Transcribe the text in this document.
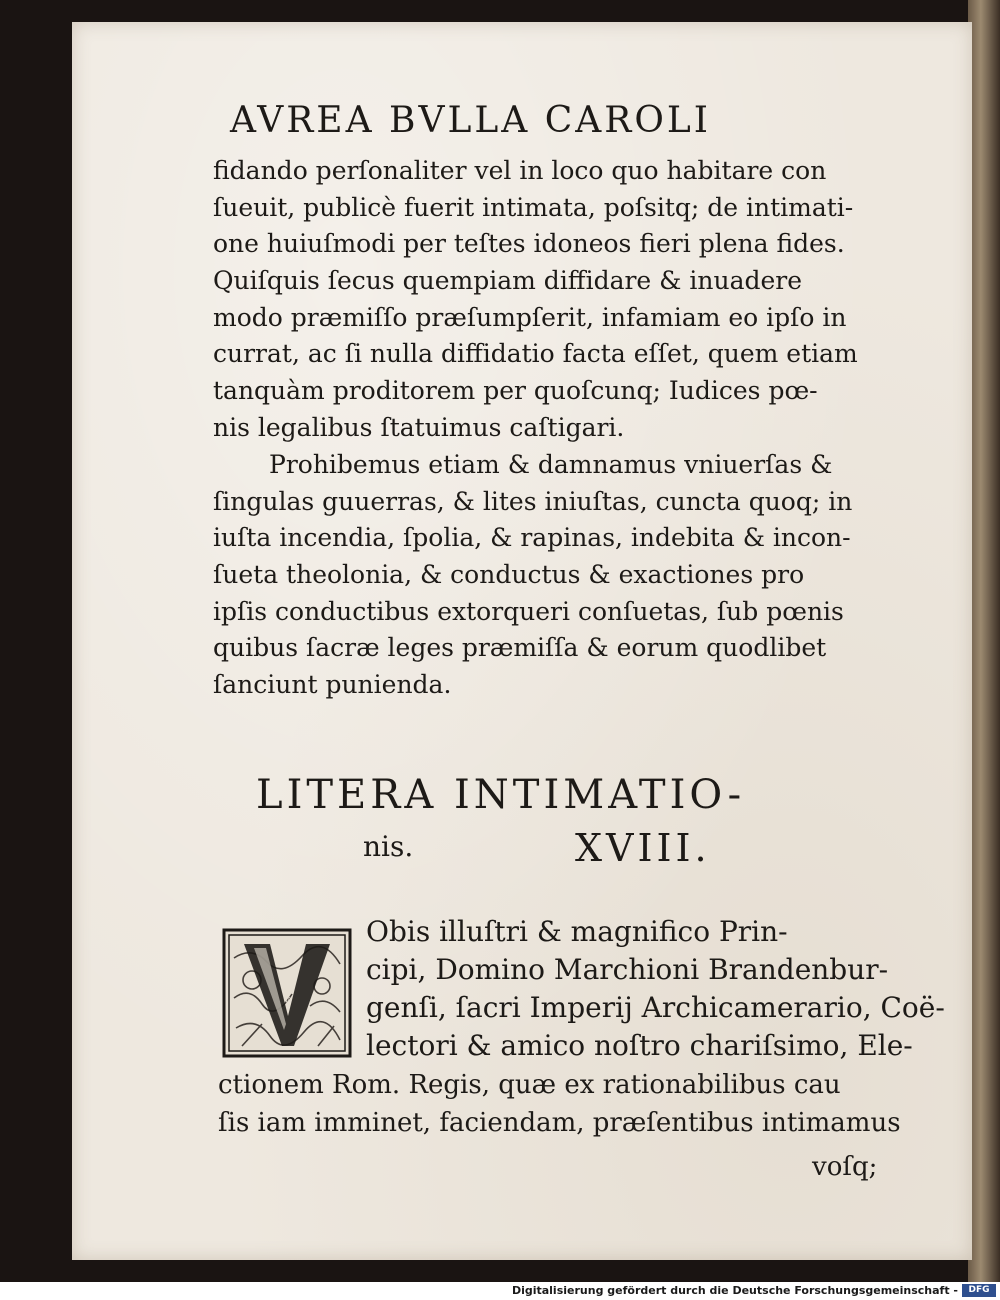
AVREA BVLLA CAROLI
fidando perſonaliter vel in loco quo habitare con
ſueuit, publicè fuerit intimata, poſsitq; de intimati-
one huiuſmodi per teſtes idoneos fieri plena fides.
Quiſquis ſecus quempiam diffidare & inuadere
modo præmiſſo præſumpſerit, infamiam eo ipſo in
currat, ac ſi nulla diffidatio facta eſſet, quem etiam
tanquàm proditorem per quoſcunq; Iudices pœ-
nis legalibus ſtatuimus caſtigari.
Prohibemus etiam & damnamus vniuerſas &
ſingulas guuerras, & lites iniuſtas, cuncta quoq; in
iuſta incendia, ſpolia, & rapinas, indebita & incon-
ſueta theolonia, & conductus & exactiones pro
ipſis conductibus extorqueri conſuetas, ſub pœnis
quibus ſacræ leges præmiſſa & eorum quodlibet
ſanciunt punienda.
LITERA INTIMATIO-
nis.	XVIII.
V
Obis illuſtri & magnifico Prin-
cipi, Domino Marchioni Brandenbur-
genſi, ſacri Imperij Archicamerario, Coë-
lectori & amico noſtro chariſsimo, Ele-
ctionem Rom. Regis, quæ ex rationabilibus cau
ſis iam imminet, faciendam, præſentibus intimamus
voſq;
Digitalisierung gefördert durch die Deutsche Forschungsgemeinschaft -	DFG
